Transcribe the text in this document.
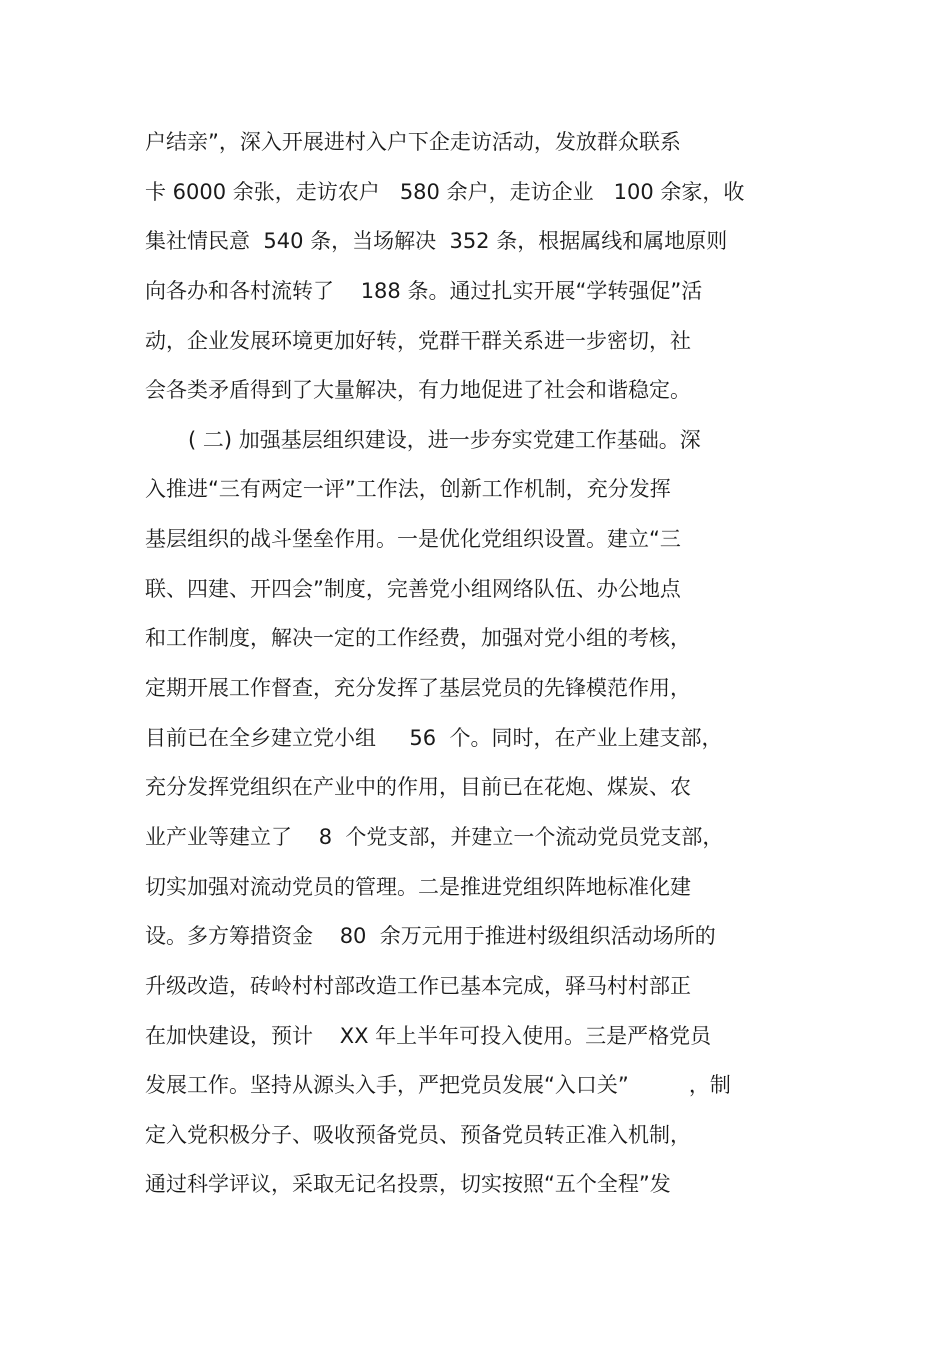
户结亲”，深入开展进村入户下企走访活动，发放群众联系
卡 6000 余张，走访农户   580 余户，走访企业   100 余家，收
集社情民意  540 条，当场解决  352 条，根据属线和属地原则
向各办和各村流转了    188 条。通过扎实开展“学转强促”活
动，企业发展环境更加好转，党群干群关系进一步密切，社
会各类矛盾得到了大量解决，有力地促进了社会和谐稳定。
( 二) 加强基层组织建设，进一步夯实党建工作基础。深
入推进“三有两定一评”工作法，创新工作机制，充分发挥
基层组织的战斗堡垒作用。一是优化党组织设置。建立“三
联、四建、开四会”制度，完善党小组网络队伍、办公地点
和工作制度，解决一定的工作经费，加强对党小组的考核，
定期开展工作督查，充分发挥了基层党员的先锋模范作用，
目前已在全乡建立党小组     56  个。同时，在产业上建支部，
充分发挥党组织在产业中的作用，目前已在花炮、煤炭、农
业产业等建立了    8  个党支部，并建立一个流动党员党支部，
切实加强对流动党员的管理。二是推进党组织阵地标准化建
设。多方筹措资金    80  余万元用于推进村级组织活动场所的
升级改造，砖岭村村部改造工作已基本完成，驿马村村部正
在加快建设，预计    XX 年上半年可投入使用。三是严格党员
发展工作。坚持从源头入手，严把党员发展“入口关”         ，制
定入党积极分子、吸收预备党员、预备党员转正准入机制，
通过科学评议，采取无记名投票，切实按照“五个全程”发
